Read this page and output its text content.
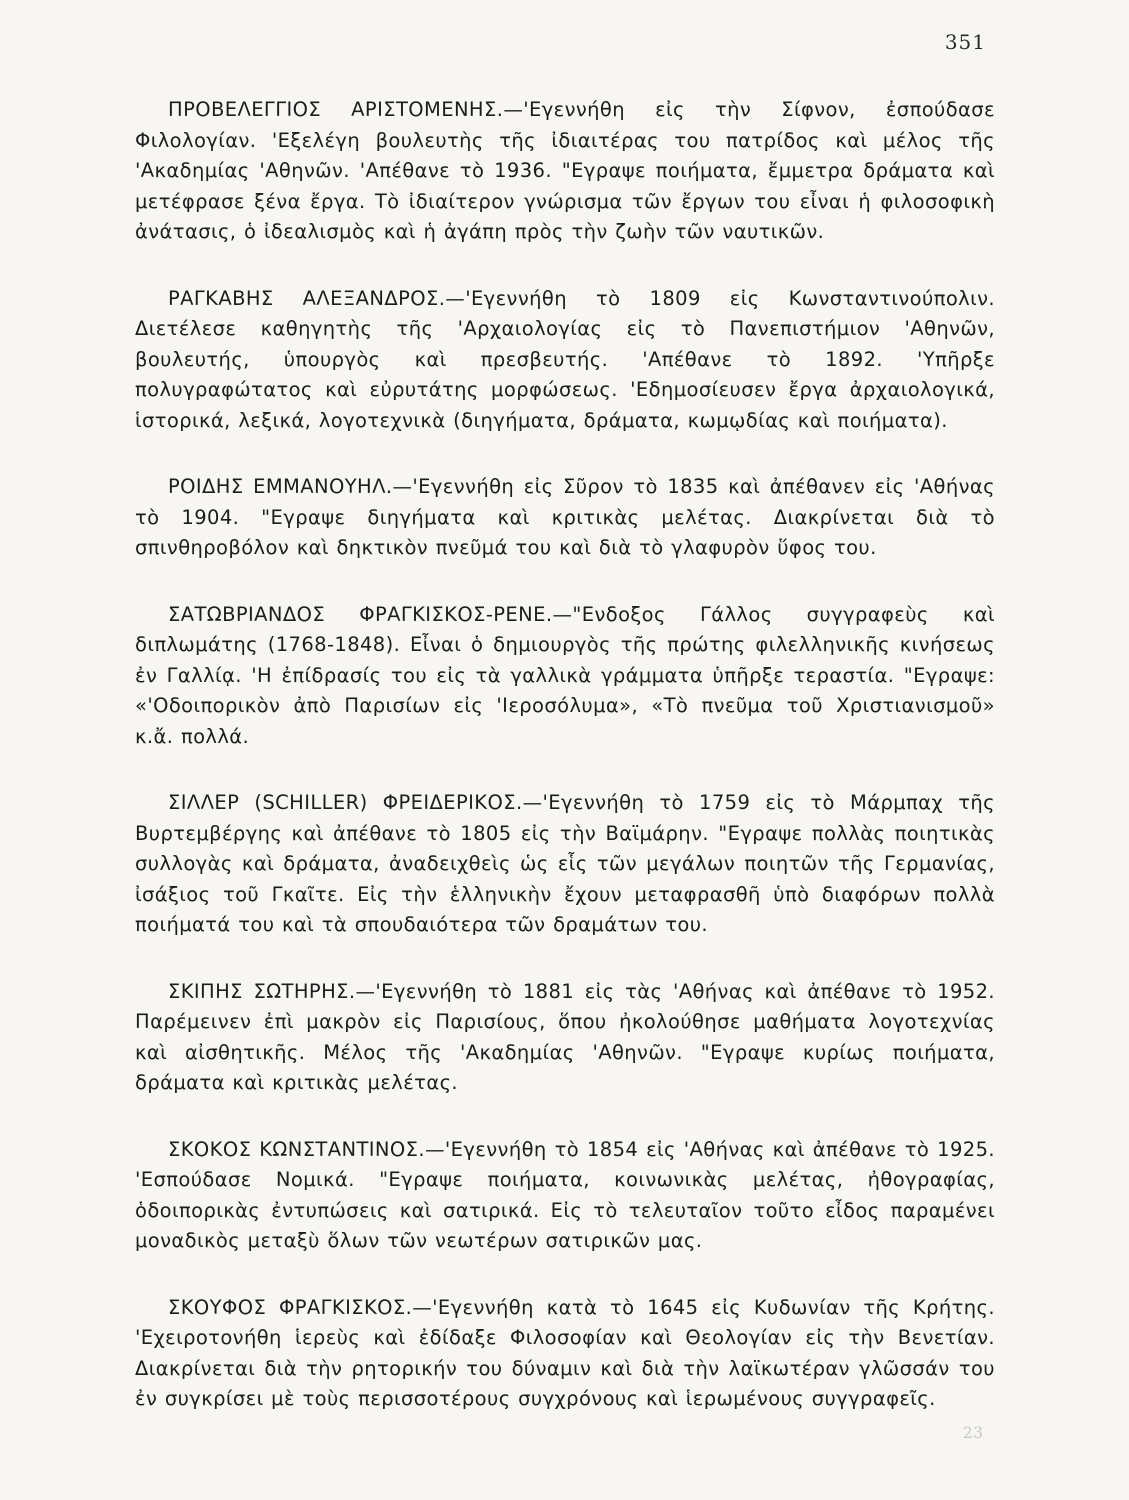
351

ΠΡΟΒΕΛΕΓΓΙΟΣ ΑΡΙΣΤΟΜΕΝΗΣ.—'Εγεννήθη εἰς τὴν Σίφνον, ἐσπούδασε Φιλολογίαν. 'Εξελέγη βουλευτὴς τῆς ἰδιαιτέρας του πατρίδος καὶ μέλος τῆς 'Ακαδημίας 'Αθηνῶν. 'Απέθανε τὸ 1936. "Εγραψε ποιήματα, ἔμμετρα δράματα καὶ μετέφρασε ξένα ἔργα. Τὸ ἰδιαίτερον γνώρισμα τῶν ἔργων του εἶναι ἡ φιλοσοφικὴ ἀνάτασις, ὁ ἰδεαλισμὸς καὶ ἡ ἀγάπη πρὸς τὴν ζωὴν τῶν ναυτικῶν.

ΡΑΓΚΑΒΗΣ ΑΛΕΞΑΝΔΡΟΣ.—'Εγεννήθη τὸ 1809 εἰς Κωνσταντινούπολιν. Διετέλεσε καθηγητὴς τῆς 'Αρχαιολογίας εἰς τὸ Πανεπιστήμιον 'Αθηνῶν, βουλευτής, ὑπουργὸς καὶ πρεσβευτής. 'Απέθανε τὸ 1892. 'Υπῆρξε πολυγραφώτατος καὶ εὐρυτάτης μορφώσεως. 'Εδημοσίευσεν ἔργα ἀρχαιολογικά, ἱστορικά, λεξικά, λογοτεχνικὰ (διηγήματα, δράματα, κωμῳδίας καὶ ποιήματα).

ΡΟΙΔΗΣ ΕΜΜΑΝΟΥΗΛ.—'Εγεννήθη εἰς Σῦρον τὸ 1835 καὶ ἀπέθανεν εἰς 'Αθήνας τὸ 1904. "Εγραψε διηγήματα καὶ κριτικὰς μελέτας. Διακρίνεται διὰ τὸ σπινθηροβόλον καὶ δηκτικὸν πνεῦμά του καὶ διὰ τὸ γλαφυρὸν ὕφος του.

ΣΑΤΩΒΡΙΑΝΔΟΣ ΦΡΑΓΚΙΣΚΟΣ-ΡΕΝΕ.—"Ενδοξος Γάλλος συγγραφεὺς καὶ διπλωμάτης (1768-1848). Εἶναι ὁ δημιουργὸς τῆς πρώτης φιλελληνικῆς κινήσεως ἐν Γαλλίᾳ. 'Η ἐπίδρασίς του εἰς τὰ γαλλικὰ γράμματα ὑπῆρξε τεραστία. "Εγραψε: «'Οδοιπορικὸν ἀπὸ Παρισίων εἰς 'Ιεροσόλυμα», «Τὸ πνεῦμα τοῦ Χριστιανισμοῦ» κ.ἄ. πολλά.

ΣΙΛΛΕΡ (SCHILLER) ΦΡΕΙΔΕΡΙΚΟΣ.—'Εγεννήθη τὸ 1759 εἰς τὸ Μάρμπαχ τῆς Βυρτεμβέργης καὶ ἀπέθανε τὸ 1805 εἰς τὴν Βαϊμάρην. "Εγραψε πολλὰς ποιητικὰς συλλογὰς καὶ δράματα, ἀναδειχθεὶς ὡς εἷς τῶν μεγάλων ποιητῶν τῆς Γερμανίας, ἰσάξιος τοῦ Γκαῖτε. Εἰς τὴν ἑλληνικὴν ἔχουν μεταφρασθῆ ὑπὸ διαφόρων πολλὰ ποιήματά του καὶ τὰ σπουδαιότερα τῶν δραμάτων του.

ΣΚΙΠΗΣ ΣΩΤΗΡΗΣ.—'Εγεννήθη τὸ 1881 εἰς τὰς 'Αθήνας καὶ ἀπέθανε τὸ 1952. Παρέμεινεν ἐπὶ μακρὸν εἰς Παρισίους, ὅπου ἠκολούθησε μαθήματα λογοτεχνίας καὶ αἰσθητικῆς. Μέλος τῆς 'Ακαδημίας 'Αθηνῶν. "Εγραψε κυρίως ποιήματα, δράματα καὶ κριτικὰς μελέτας.

ΣΚΟΚΟΣ ΚΩΝΣΤΑΝΤΙΝΟΣ.—'Εγεννήθη τὸ 1854 εἰς 'Αθήνας καὶ ἀπέθανε τὸ 1925. 'Εσπούδασε Νομικά. "Εγραψε ποιήματα, κοινωνικὰς μελέτας, ἠθογραφίας, ὁδοιπορικὰς ἐντυπώσεις καὶ σατιρικά. Εἰς τὸ τελευταῖον τοῦτο εἶδος παραμένει μοναδικὸς μεταξὺ ὅλων τῶν νεωτέρων σατιρικῶν μας.

ΣΚΟΥΦΟΣ ΦΡΑΓΚΙΣΚΟΣ.—'Εγεννήθη κατὰ τὸ 1645 εἰς Κυδωνίαν τῆς Κρήτης. 'Εχειροτονήθη ἱερεὺς καὶ ἐδίδαξε Φιλοσοφίαν καὶ Θεολογίαν εἰς τὴν Βενετίαν. Διακρίνεται διὰ τὴν ρητορικήν του δύναμιν καὶ διὰ τὴν λαϊκωτέραν γλῶσσάν του ἐν συγκρίσει μὲ τοὺς περισσοτέρους συγχρόνους καὶ ἱερωμένους συγγραφεῖς.

23
